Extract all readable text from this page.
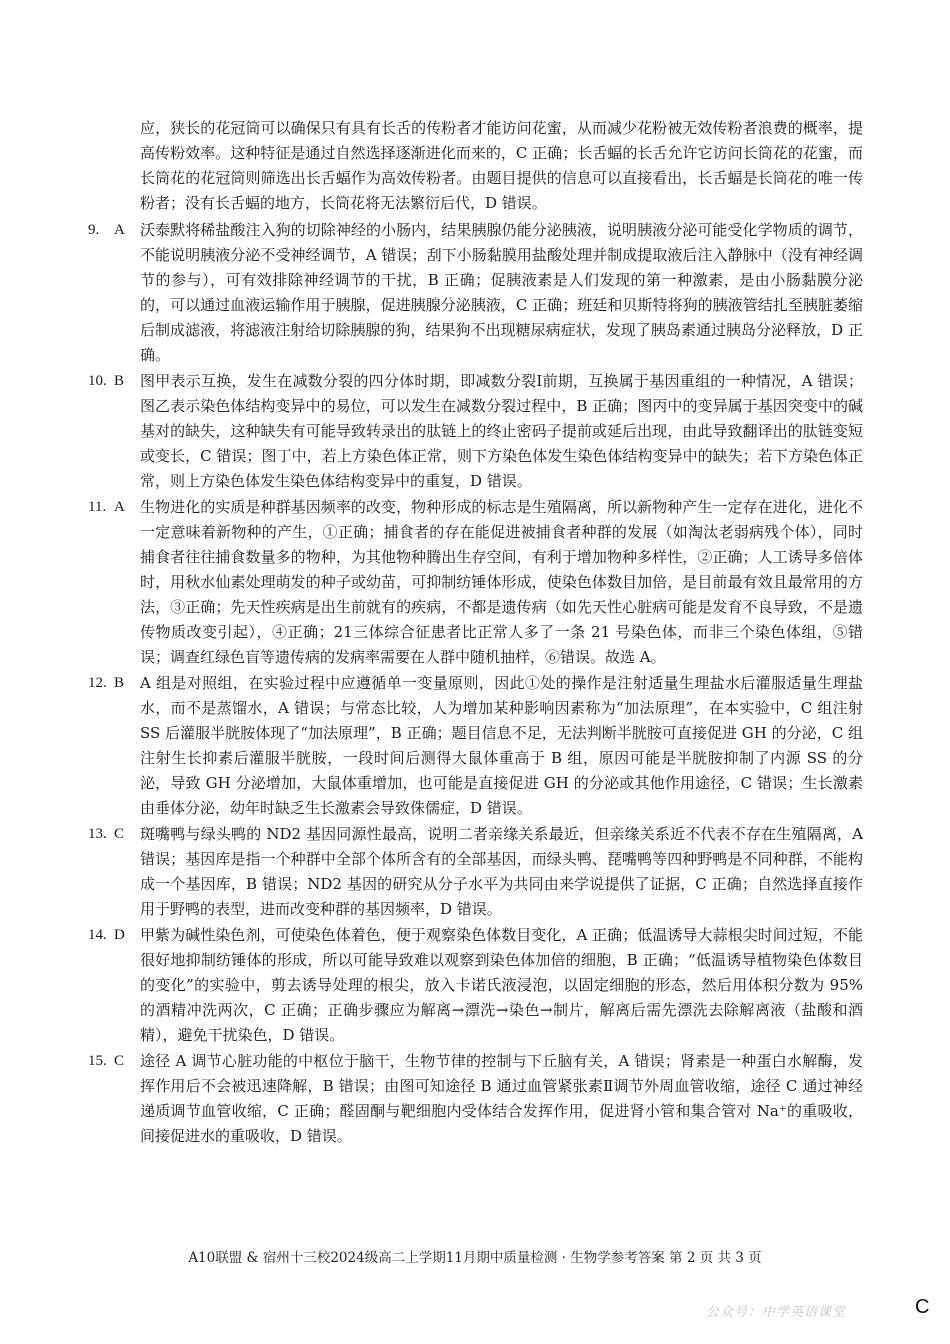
应，狭长的花冠筒可以确保只有具有长舌的传粉者才能访问花蜜，从而减少花粉被无效传粉者浪费的概率，提高传粉效率。这种特征是通过自然选择逐渐进化而来的，C 正确；长舌蝠的长舌允许它访问长筒花的花蜜，而长筒花的花冠筒则筛选出长舌蝠作为高效传粉者。由题目提供的信息可以直接看出，长舌蝠是长筒花的唯一传粉者；没有长舌蝠的地方，长筒花将无法繁衍后代，D 错误。

9. A	沃泰默将稀盐酸注入狗的切除神经的小肠内，结果胰腺仍能分泌胰液，说明胰液分泌可能受化学物质的调节，不能说明胰液分泌不受神经调节，A 错误；刮下小肠黏膜用盐酸处理并制成提取液后注入静脉中（没有神经调节的参与），可有效排除神经调节的干扰，B 正确；促胰液素是人们发现的第一种激素，是由小肠黏膜分泌的，可以通过血液运输作用于胰腺，促进胰腺分泌胰液，C 正确；班廷和贝斯特将狗的胰液管结扎至胰脏萎缩后制成滤液，将滤液注射给切除胰腺的狗，结果狗不出现糖尿病症状，发现了胰岛素通过胰岛分泌释放，D 正确。
10. B	图甲表示互换，发生在减数分裂的四分体时期，即减数分裂Ⅰ前期，互换属于基因重组的一种情况，A 错误；图乙表示染色体结构变异中的易位，可以发生在减数分裂过程中，B 正确；图丙中的变异属于基因突变中的碱基对的缺失，这种缺失有可能导致转录出的肽链上的终止密码子提前或延后出现，由此导致翻译出的肽链变短或变长，C 错误；图丁中，若上方染色体正常，则下方染色体发生染色体结构变异中的缺失；若下方染色体正常，则上方染色体发生染色体结构变异中的重复，D 错误。
11. A	生物进化的实质是种群基因频率的改变，物种形成的标志是生殖隔离，所以新物种产生一定存在进化，进化不一定意味着新物种的产生，①正确；捕食者的存在能促进被捕食者种群的发展（如淘汰老弱病残个体），同时捕食者往往捕食数量多的物种，为其他物种腾出生存空间，有利于增加物种多样性，②正确；人工诱导多倍体时，用秋水仙素处理萌发的种子或幼苗，可抑制纺锤体形成，使染色体数目加倍，是目前最有效且最常用的方法，③正确；先天性疾病是出生前就有的疾病，不都是遗传病（如先天性心脏病可能是发育不良导致，不是遗传物质改变引起），④正确；21三体综合征患者比正常人多了一条 21 号染色体，而非三个染色体组，⑤错误；调查红绿色盲等遗传病的发病率需要在人群中随机抽样，⑥错误。故选 A。
12. B	A 组是对照组，在实验过程中应遵循单一变量原则，因此①处的操作是注射适量生理盐水后灌服适量生理盐水，而不是蒸馏水，A 错误；与常态比较，人为增加某种影响因素称为“加法原理”，在本实验中，C 组注射 SS 后灌服半胱胺体现了“加法原理”，B 正确；题目信息不足，无法判断半胱胺可直接促进 GH 的分泌，C 组注射生长抑素后灌服半胱胺，一段时间后测得大鼠体重高于 B 组，原因可能是半胱胺抑制了内源 SS 的分泌，导致 GH 分泌增加，大鼠体重增加，也可能是直接促进 GH 的分泌或其他作用途径，C 错误；生长激素由垂体分泌，幼年时缺乏生长激素会导致侏儒症，D 错误。
13. C	斑嘴鸭与绿头鸭的 ND2 基因同源性最高，说明二者亲缘关系最近，但亲缘关系近不代表不存在生殖隔离，A 错误；基因库是指一个种群中全部个体所含有的全部基因，而绿头鸭、琵嘴鸭等四种野鸭是不同种群，不能构成一个基因库，B 错误；ND2 基因的研究从分子水平为共同由来学说提供了证据，C 正确；自然选择直接作用于野鸭的表型，进而改变种群的基因频率，D 错误。
14. D	甲紫为碱性染色剂，可使染色体着色，便于观察染色体数目变化，A 正确；低温诱导大蒜根尖时间过短，不能很好地抑制纺锤体的形成，所以可能导致难以观察到染色体加倍的细胞，B 正确；“低温诱导植物染色体数目的变化”的实验中，剪去诱导处理的根尖，放入卡诺氏液浸泡，以固定细胞的形态，然后用体积分数为 95% 的酒精冲洗两次，C 正确；正确步骤应为解离→漂洗→染色→制片，解离后需先漂洗去除解离液（盐酸和酒精），避免干扰染色，D 错误。
15. C	途径 A 调节心脏功能的中枢位于脑干，生物节律的控制与下丘脑有关，A 错误；肾素是一种蛋白水解酶，发挥作用后不会被迅速降解，B 错误；由图可知途径 B 通过血管紧张素Ⅱ调节外周血管收缩，途径 C 通过神经递质调节血管收缩，C 正确；醛固酮与靶细胞内受体结合发挥作用，促进肾小管和集合管对 Na⁺的重吸收，间接促进水的重吸收，D 错误。
A10联盟 & 宿州十三校2024级高二上学期11月期中质量检测 · 生物学参考答案 第 2 页 共 3 页
公众号：中学英语课堂	C
